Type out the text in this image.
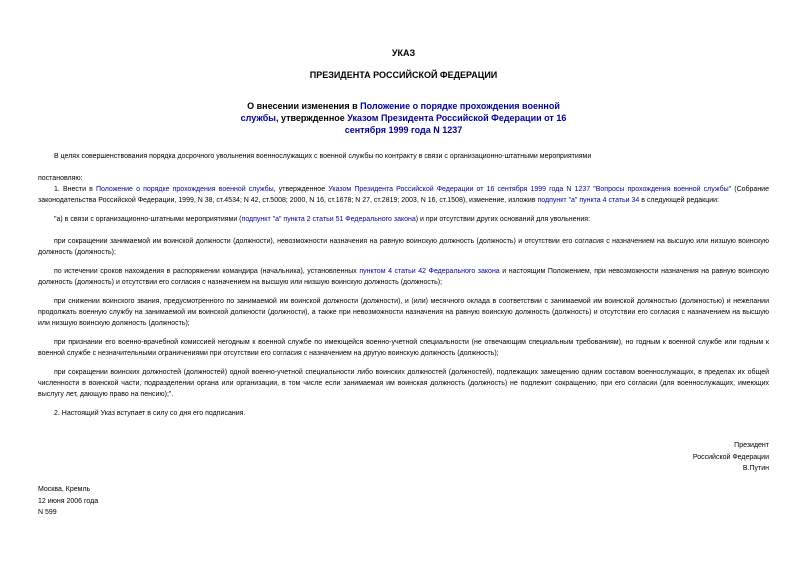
УКАЗ
ПРЕЗИДЕНТА РОССИЙСКОЙ ФЕДЕРАЦИИ
О внесении изменения в Положение о порядке прохождения военной службы, утвержденное Указом Президента Российской Федерации от 16 сентября 1999 года N 1237

В целях совершенствования порядка досрочного увольнения военнослужащих с военной службы по контракту в связи с организационно-штатными мероприятиями

постановляю:

1. Внести в Положение о порядке прохождения военной службы, утвержденное Указом Президента Российской Федерации от 16 сентября 1999 года N 1237 "Вопросы прохождения военной службы" (Собрание законодательства Российской Федерации, 1999, N 38, ст.4534; N 42, ст.5008; 2000, N 16, ст.1678; N 27, ст.2819; 2003, N 16, ст.1508), изменение, изложив подпункт "а" пункта 4 статьи 34 в следующей редакции:

"а) в связи с организационно-штатными мероприятиями (подпункт "а" пункта 2 статьи 51 Федерального закона) и при отсутствии других оснований для увольнения:

при сокращении занимаемой им воинской должности (должности), невозможности назначения на равную воинскую должность (должность) и отсутствии его согласия с назначением на высшую или низшую воинскую должность (должность);

по истечении сроков нахождения в распоряжении командира (начальника), установленных пунктом 4 статьи 42 Федерального закона и настоящим Положением, при невозможности назначения на равную воинскую должность (должность) и отсутствии его согласия с назначением на высшую или низшую воинскую должность (должность);

при снижении воинского звания, предусмотренного по занимаемой им воинской должности (должности), и (или) месячного оклада в соответствии с занимаемой им воинской должностью (должностью) и нежелании продолжать военную службу на занимаемой им воинской должности (должности), а также при невозможности назначения на равную воинскую должность (должность) и отсутствии его согласия с назначением на высшую или низшую воинскую должность (должность);

при признании его военно-врачебной комиссией негодным к военной службе по имеющейся военно-учетной специальности (не отвечающим специальным требованиям), но годным к военной службе или годным к военной службе с незначительными ограничениями при отсутствии его согласия с назначением на другую воинскую должность (должность);

при сокращении воинских должностей (должностей) одной военно-учетной специальности либо воинских должностей (должностей), подлежащих замещению одним составом военнослужащих, в пределах их общей численности в воинской части, подразделении органа или организации, в том числе если занимаемая им воинская должность (должность) не подлежит сокращению, при его согласии (для военнослужащих, имеющих выслугу лет, дающую право на пенсию);".

2. Настоящий Указ вступает в силу со дня его подписания.

Президент
Российской Федерации
В.Путин
Москва, Кремль
12 июня 2006 года
N 599
